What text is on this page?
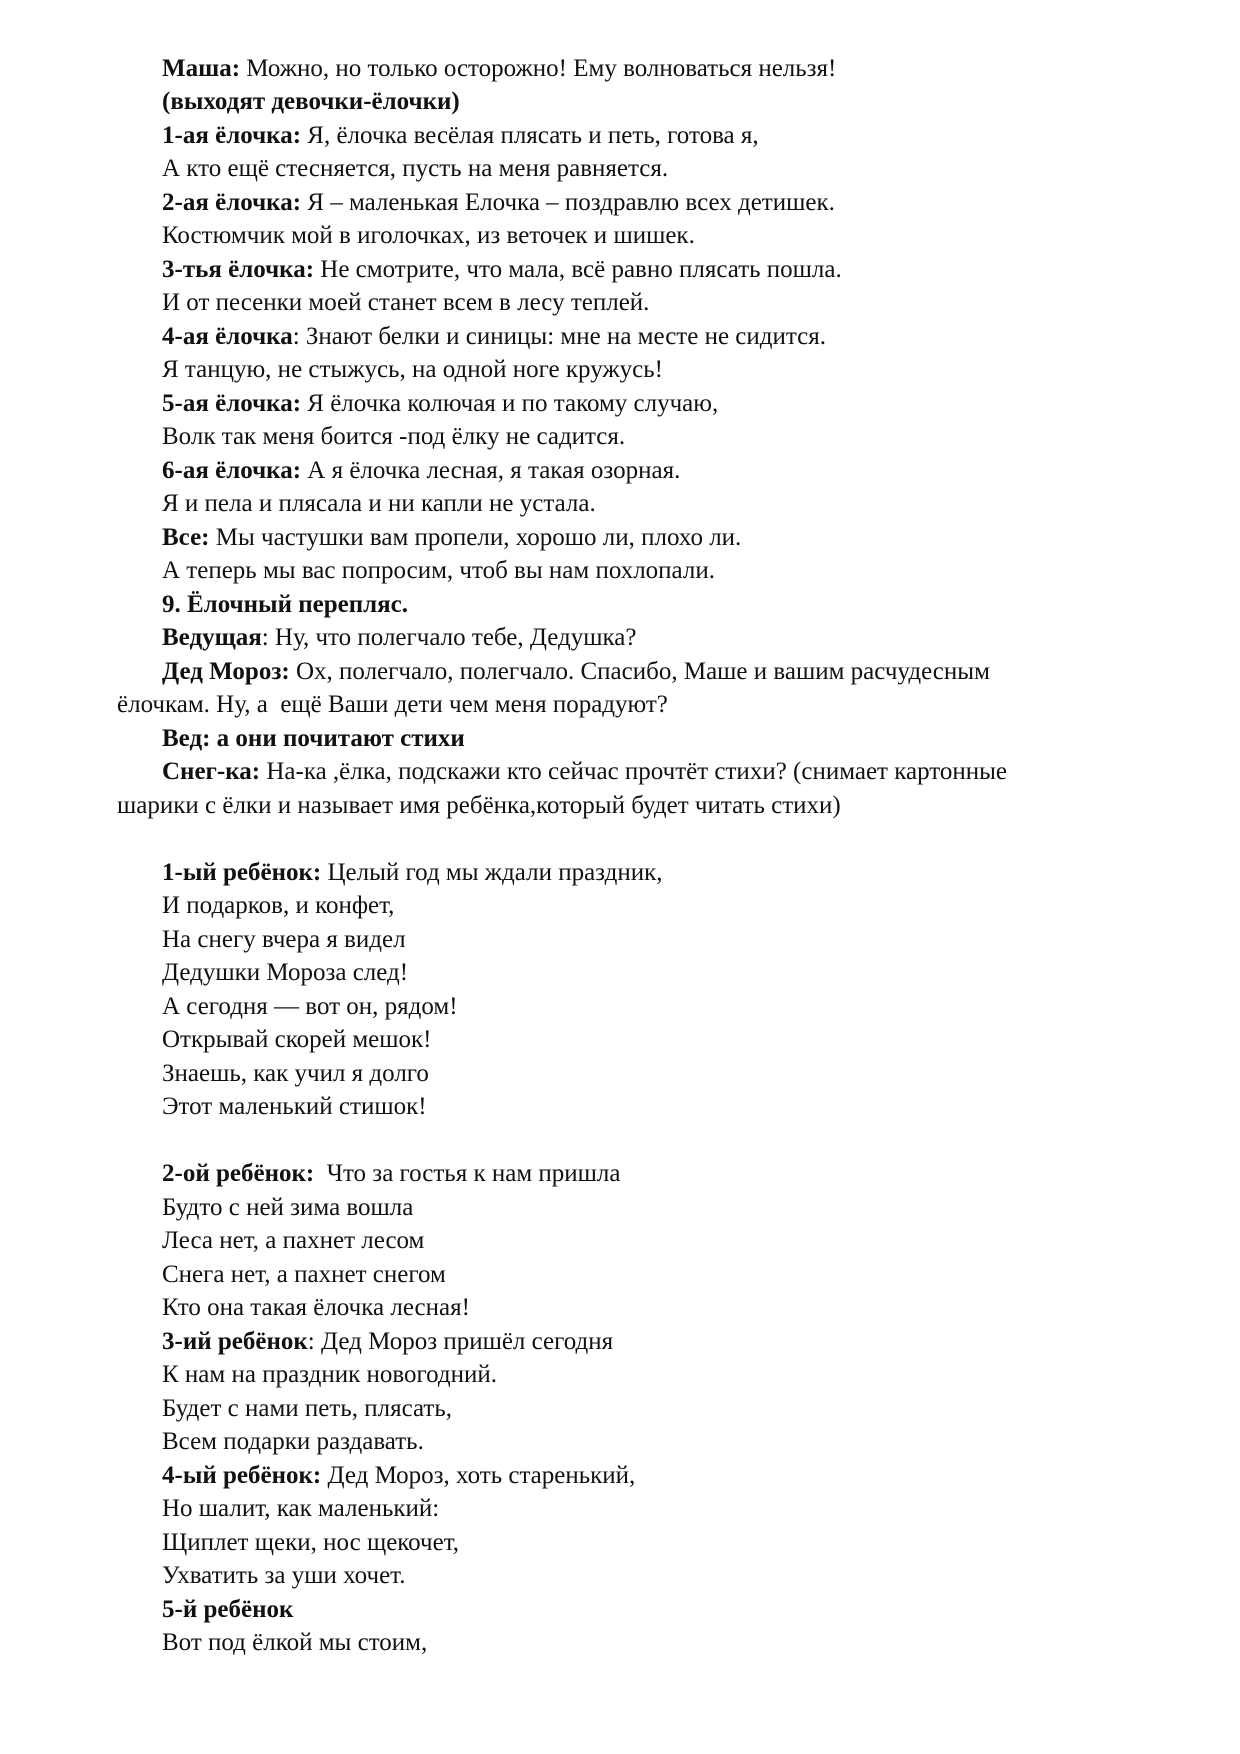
Маша: Можно, но только осторожно! Ему волноваться нельзя!
(выходят девочки-ёлочки)
1-ая ёлочка: Я, ёлочка весёлая плясать и петь, готова я,
А кто ещё стесняется, пусть на меня равняется.
2-ая ёлочка: Я – маленькая Елочка – поздравлю всех детишек.
Костюмчик мой в иголочках, из веточек и шишек.
3-тья ёлочка: Не смотрите, что мала, всё равно плясать пошла.
И от песенки моей станет всем в лесу теплей.
4-ая ёлочка: Знают белки и синицы: мне на месте не сидится.
Я танцую, не стыжусь, на одной ноге кружусь!
5-ая ёлочка: Я ёлочка колючая и по такому случаю,
Волк так меня боится -под ёлку не садится.
6-ая ёлочка: А я ёлочка лесная, я такая озорная.
Я и пела и плясала и ни капли не устала.
Все: Мы частушки вам пропели, хорошо ли, плохо ли.
А теперь мы вас попросим, чтоб вы нам похлопали.
9. Ёлочный перепляс.
Ведущая: Ну, что полегчало тебе, Дедушка?
Дед Мороз: Ох, полегчало, полегчало. Спасибо, Маше и вашим расчудесным
ёлочкам. Ну, а  ещё Ваши дети чем меня порадуют?
Вед: а они почитают стихи
Снег-ка: На-ка ,ёлка, подскажи кто сейчас прочтёт стихи? (снимает картонные
шарики с ёлки и называет имя ребёнка,который будет читать стихи)
1-ый ребёнок: Целый год мы ждали праздник,
И подарков, и конфет,
На снегу вчера я видел
Дедушки Мороза след!
А сегодня — вот он, рядом!
Открывай скорей мешок!
Знаешь, как учил я долго
Этот маленький стишок!
2-ой ребёнок:  Что за гостья к нам пришла
Будто с ней зима вошла
Леса нет, а пахнет лесом
Снега нет, а пахнет снегом
Кто она такая ёлочка лесная!
3-ий ребёнок: Дед Мороз пришёл сегодня
К нам на праздник новогодний.
Будет с нами петь, плясать,
Всем подарки раздавать.
4-ый ребёнок: Дед Мороз, хоть старенький,
Но шалит, как маленький:
Щиплет щеки, нос щекочет,
Ухватить за уши хочет.
5-й ребёнок
Вот под ёлкой мы стоим,
